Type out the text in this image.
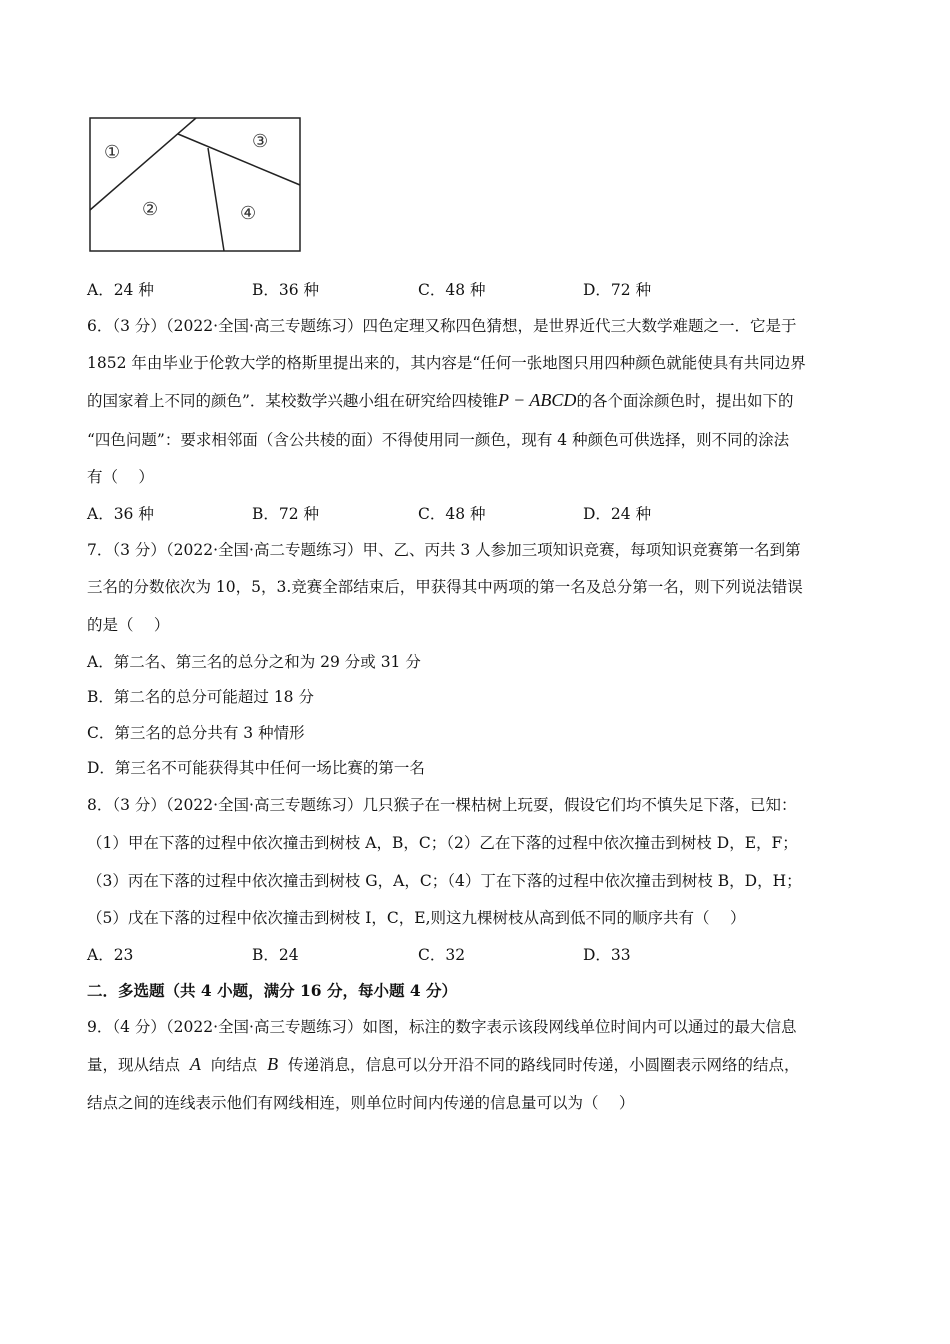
①
②
③
④
A．24 种	B．36 种	C．48 种	D．72 种
6．（3 分）（2022·全国·高三专题练习）四色定理又称四色猜想，是世界近代三大数学难题之一．它是于
1852 年由毕业于伦敦大学的格斯里提出来的，其内容是“任何一张地图只用四种颜色就能使具有共同边界
的国家着上不同的颜色”．某校数学兴趣小组在研究给四棱锥P − ABCD的各个面涂颜色时，提出如下的
“四色问题”：要求相邻面（含公共棱的面）不得使用同一颜色，现有 4 种颜色可供选择，则不同的涂法
有（　 ）
A．36 种	B．72 种	C．48 种	D．24 种
7．（3 分）（2022·全国·高二专题练习）甲、乙、丙共 3 人参加三项知识竞赛，每项知识竞赛第一名到第
三名的分数依次为 10，5，3.竞赛全部结束后，甲获得其中两项的第一名及总分第一名，则下列说法错误
的是（　 ）
A．第二名、第三名的总分之和为 29 分或 31 分
B．第二名的总分可能超过 18 分
C．第三名的总分共有 3 种情形
D．第三名不可能获得其中任何一场比赛的第一名
8．（3 分）（2022·全国·高三专题练习）几只猴子在一棵枯树上玩耍，假设它们均不慎失足下落，已知：
（1）甲在下落的过程中依次撞击到树枝 A，B，C；（2）乙在下落的过程中依次撞击到树枝 D，E，F；
（3）丙在下落的过程中依次撞击到树枝 G，A，C；（4）丁在下落的过程中依次撞击到树枝 B，D，H；
（5）戊在下落的过程中依次撞击到树枝 I，C，E,则这九棵树枝从高到低不同的顺序共有（　 ）
A．23	B．24	C．32	D．33
二．多选题（共 4 小题，满分 16 分，每小题 4 分）
9．（4 分）（2022·全国·高三专题练习）如图，标注的数字表示该段网线单位时间内可以通过的最大信息
量，现从结点 A 向结点 B 传递消息，信息可以分开沿不同的路线同时传递，小圆圈表示网络的结点，
结点之间的连线表示他们有网线相连，则单位时间内传递的信息量可以为（　 ）
